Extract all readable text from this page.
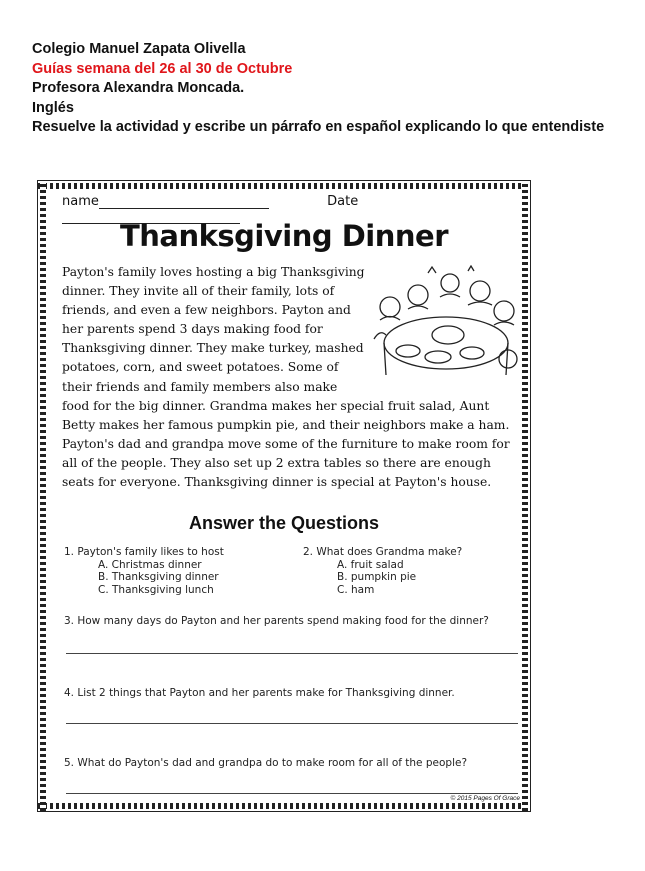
Colegio Manuel Zapata Olivella
Guías semana del 26 al 30 de Octubre
Profesora Alexandra Moncada.
Inglés
Resuelve la actividad y escribe un párrafo en español explicando lo que entendiste
name	Date
Thanksgiving Dinner
Payton's family loves hosting a big Thanksgiving
dinner. They invite all of their family, lots of
friends, and even a few neighbors. Payton and
her parents spend 3 days making food for
Thanksgiving dinner. They make turkey, mashed
potatoes, corn, and sweet potatoes. Some of
their friends and family members also make
food for the big dinner. Grandma makes her special fruit salad, Aunt
Betty makes her famous pumpkin pie, and their neighbors make a ham.
Payton's dad and grandpa move some of the furniture to make room for
all of the people. They also set up 2 extra tables so there are enough
seats for everyone. Thanksgiving dinner is special at Payton's house.
Answer the Questions
1. Payton's family likes to host
A. Christmas dinner
B. Thanksgiving dinner
C. Thanksgiving lunch
2. What does Grandma make?
A. fruit salad
B. pumpkin pie
C. ham
3. How many days do Payton and her parents spend making food for the dinner?
4. List 2 things that Payton and her parents make for Thanksgiving dinner.
5. What do Payton's dad and grandpa do to make room for all of the people?
© 2015 Pages Of Grace
